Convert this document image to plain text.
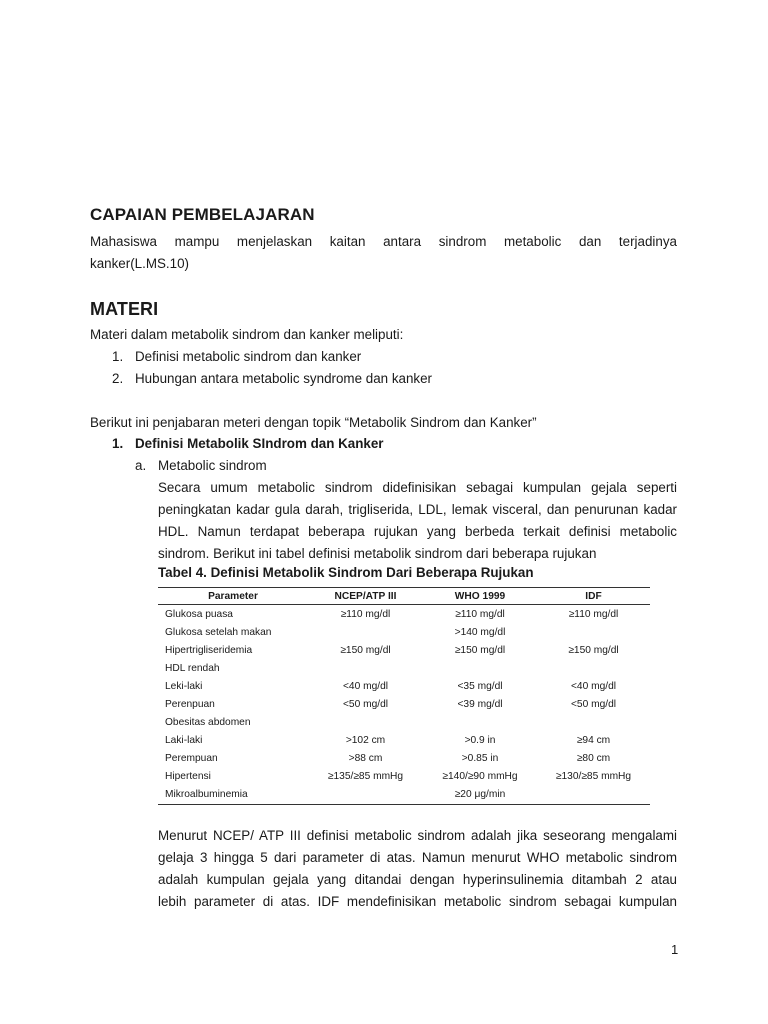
CAPAIAN PEMBELAJARAN
Mahasiswa mampu menjelaskan kaitan antara sindrom metabolic dan terjadinya
kanker(L.MS.10)
MATERI
Materi dalam metabolik sindrom dan kanker meliputi:
1. Definisi metabolic sindrom dan kanker
2. Hubungan antara metabolic syndrome dan kanker
Berikut ini penjabaran meteri dengan topik “Metabolik Sindrom dan Kanker”
1. Definisi Metabolik SIndrom dan Kanker
a. Metabolic sindrom
Secara umum metabolic sindrom didefinisikan sebagai kumpulan gejala seperti
peningkatan kadar gula darah, trigliserida, LDL, lemak visceral, dan penurunan kadar
HDL. Namun terdapat beberapa rujukan yang berbeda terkait definisi metabolic
sindrom. Berikut ini tabel definisi metabolik sindrom dari beberapa rujukan
Tabel 4. Definisi Metabolik Sindrom Dari Beberapa Rujukan
Parameter	NCEP/ATP III	WHO 1999	IDF
Glukosa puasa	≥110 mg/dl	≥110 mg/dl	≥110 mg/dl
Glukosa setelah makan		>140 mg/dl	
Hipertrigliseridemia	≥150 mg/dl	≥150 mg/dl	≥150 mg/dl
HDL rendah			
Leki-laki	<40 mg/dl	<35 mg/dl	<40 mg/dl
Perenpuan	<50 mg/dl	<39 mg/dl	<50 mg/dl
Obesitas abdomen			
Laki-laki	>102 cm	>0.9 in	≥94 cm
Perempuan	>88 cm	>0.85 in	≥80 cm
Hipertensi	≥135/≥85 mmHg	≥140/≥90 mmHg	≥130/≥85 mmHg
Mikroalbuminemia		≥20 μg/min	
Menurut NCEP/ ATP III definisi metabolic sindrom adalah jika seseorang mengalami
gelaja 3 hingga 5 dari parameter di atas. Namun menurut WHO metabolic sindrom
adalah kumpulan gejala yang ditandai dengan hyperinsulinemia ditambah 2 atau
lebih parameter di atas. IDF mendefinisikan metabolic sindrom sebagai kumpulan
1
